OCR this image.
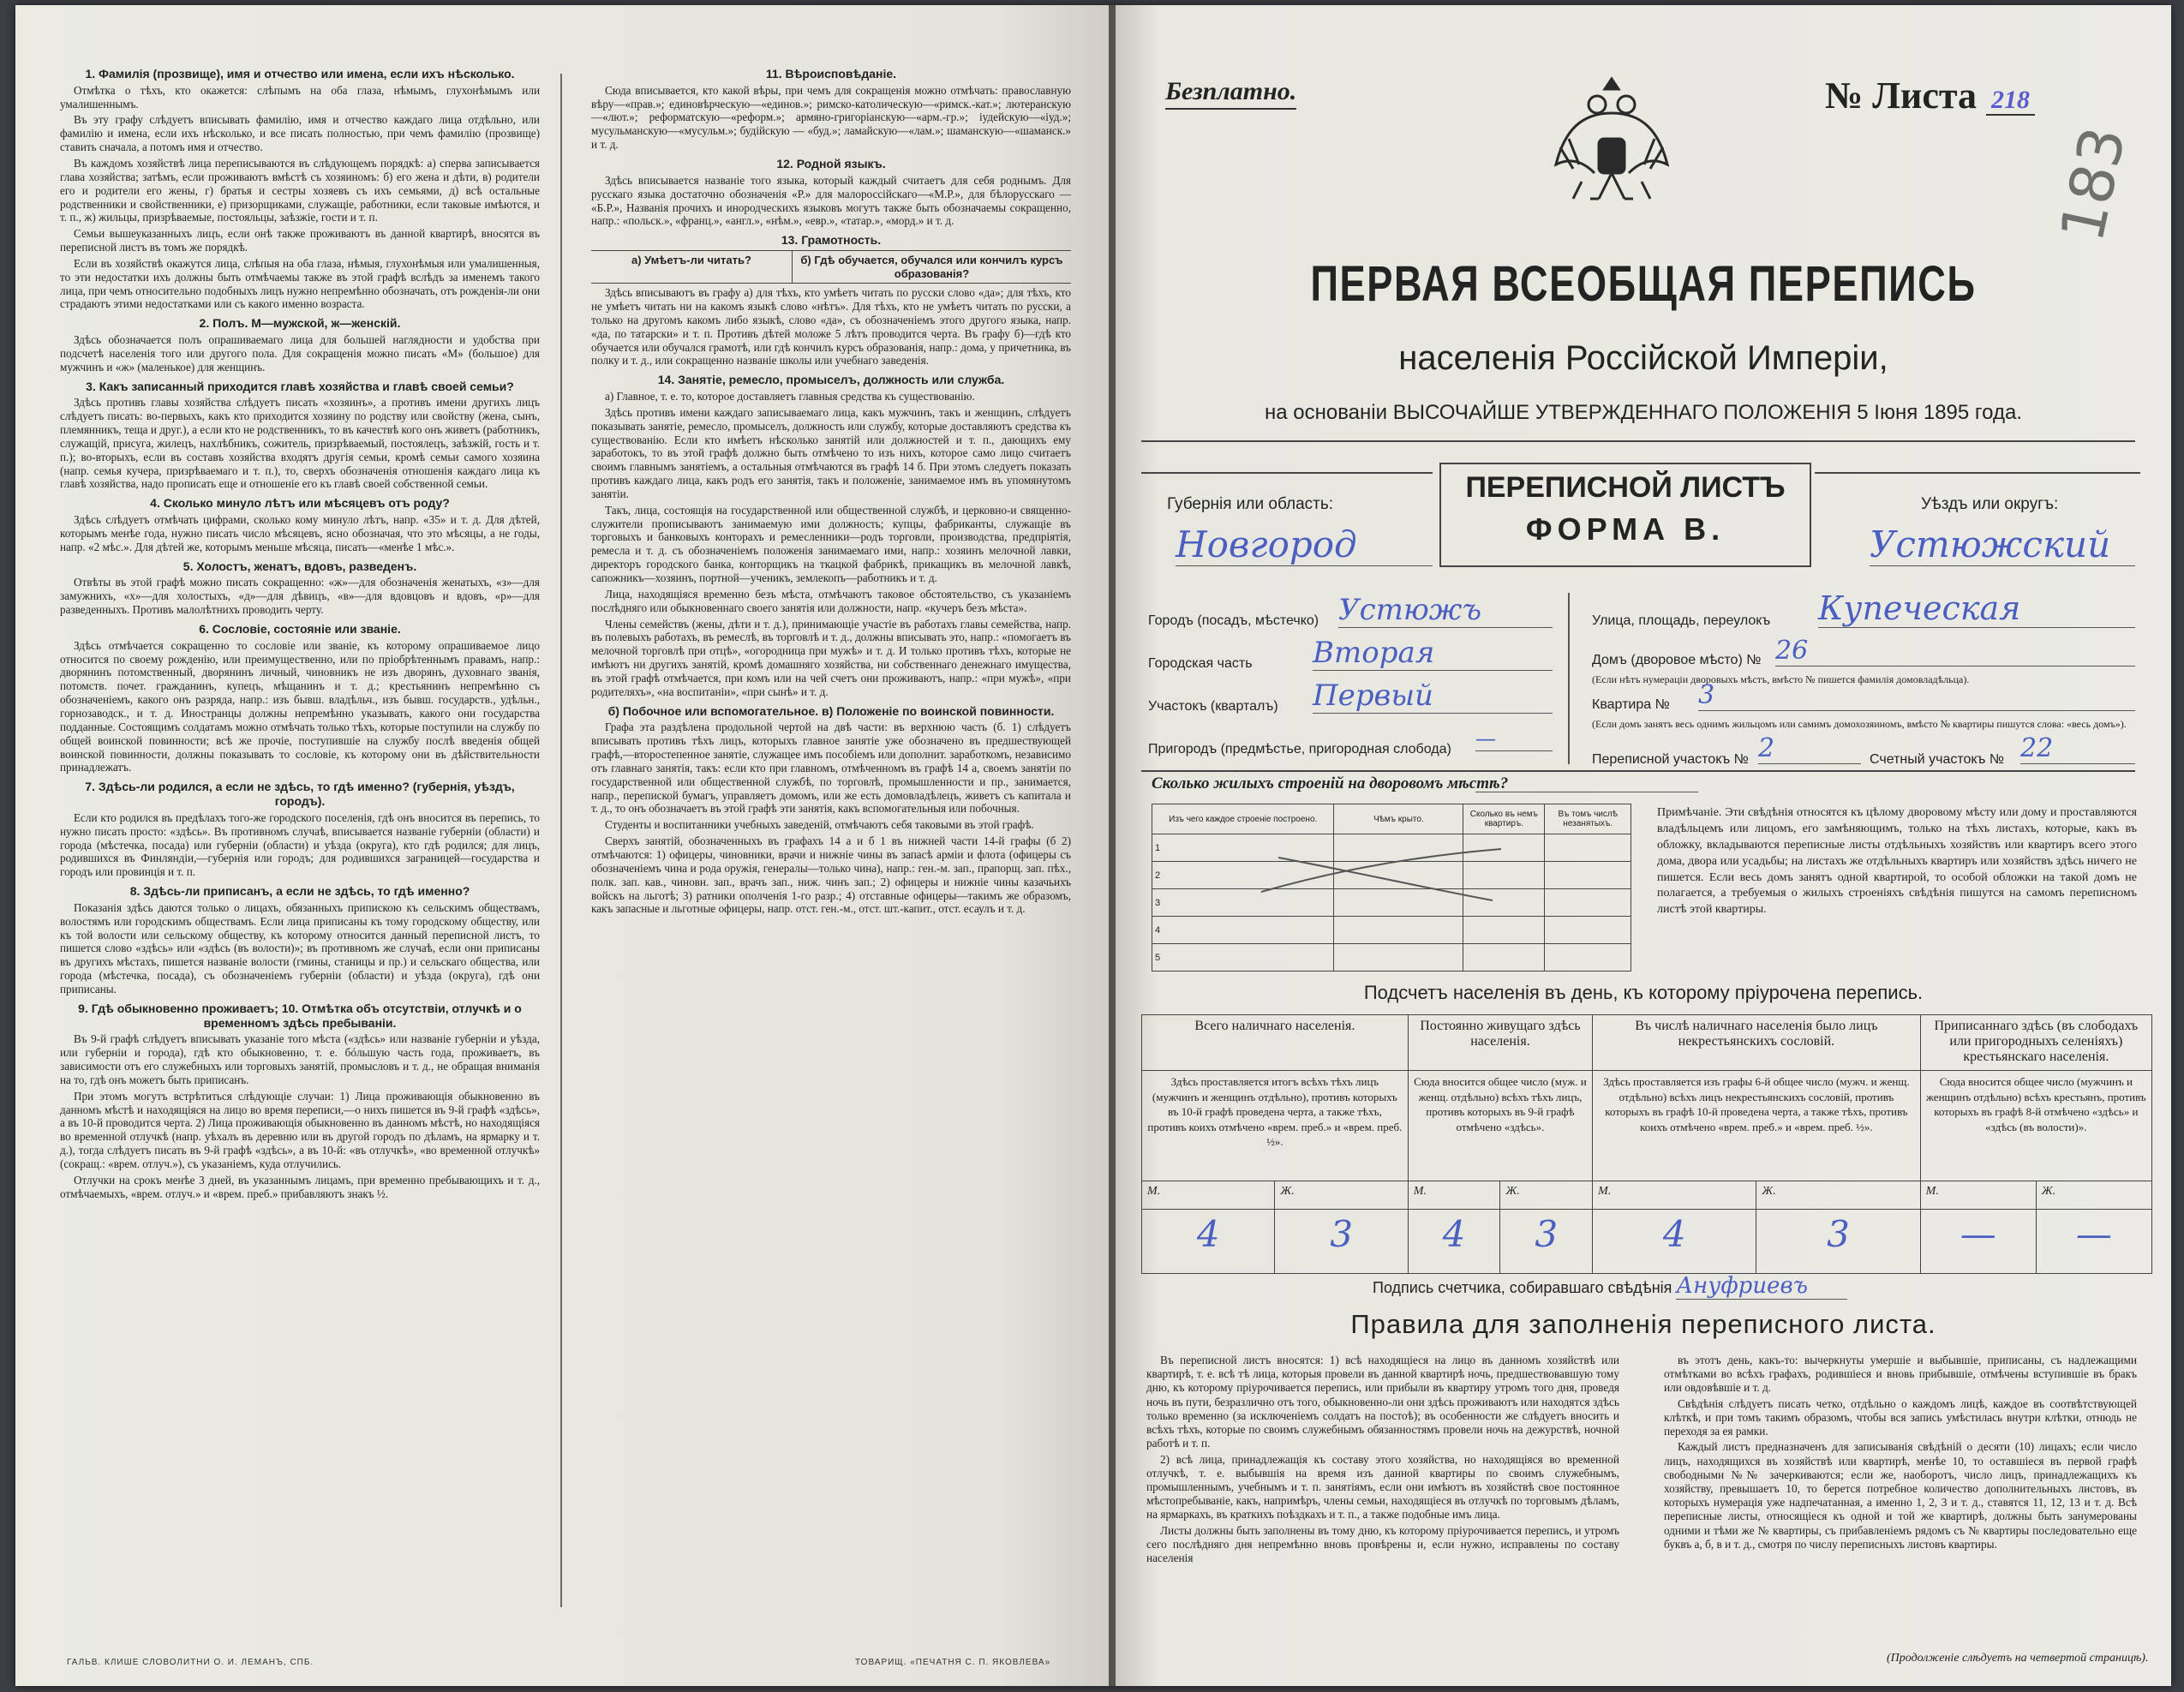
1. Фамилія (прозвище), имя и отчество или имена, если ихъ нѣсколько.

Отмѣтка о тѣхъ, кто окажется: слѣпымъ на оба глаза, нѣмымъ, глухонѣмымъ или умалишеннымъ.

Въ эту графу слѣдуетъ вписывать фамилію, имя и отчество каждаго лица отдѣльно, или фамилію и имена, если ихъ нѣсколько, и все писать полностью, при чемъ фамилію (прозвище) ставить сначала, а потомъ имя и отчество.

Въ каждомъ хозяйствѣ лица переписываются въ слѣдующемъ порядкѣ: а) сперва записывается глава хозяйства; затѣмъ, если проживаютъ вмѣстѣ съ хозяиномъ: б) его жена и дѣти, в) родители его и родители его жены, г) братья и сестры хозяевъ съ ихъ семьями, д) всѣ остальные родственники и свойственники, е) призорщиками, служащіе, работники, если таковые имѣются, и т. п., ж) жильцы, призрѣваемые, постояльцы, заѣзжіе, гости и т. п.

Семьи вышеуказанныхъ лицъ, если онѣ также проживаютъ въ данной квартирѣ, вносятся въ переписной листъ въ томъ же порядкѣ.

Если въ хозяйствѣ окажутся лица, слѣпыя на оба глаза, нѣмыя, глухонѣмыя или умалишенныя, то эти недостатки ихъ должны быть отмѣчаемы также въ этой графѣ вслѣдъ за именемъ такого лица, при чемъ относительно подобныхъ лицъ нужно непремѣнно обозначать, отъ рожденія-ли они страдаютъ этими недостатками или съ какого именно возраста.

2. Полъ. М—мужской, ж—женскій.

Здѣсь обозначается полъ опрашиваемаго лица для большей наглядности и удобства при подсчетѣ населенія того или другого пола. Для сокращенія можно писать «М» (большое) для мужчинъ и «ж» (маленькое) для женщинъ.

3. Какъ записанный приходится главѣ хозяйства и главѣ своей семьи?

Здѣсь противъ главы хозяйства слѣдуетъ писать «хозяинъ», а противъ имени другихъ лицъ слѣдуетъ писать: во-первыхъ, какъ кто приходится хозяину по родству или свойству (жена, сынъ, племянникъ, теща и друг.), а если кто не родственникъ, то въ качествѣ кого онъ живетъ (работникъ, служащій, присуга, жилецъ, нахлѣбникъ, сожитель, призрѣваемый, постоялецъ, заѣзжій, гость и т. п.); во-вторыхъ, если въ составъ хозяйства входятъ другія семьи, кромѣ семьи самого хозяина (напр. семья кучера, призрѣваемаго и т. п.), то, сверхъ обозначенія отношенія каждаго лица къ главѣ хозяйства, надо прописать еще и отношеніе его къ главѣ своей собственной семьи.

4. Сколько минуло лѣтъ или мѣсяцевъ отъ роду?

Здѣсь слѣдуетъ отмѣчать цифрами, сколько кому минуло лѣтъ, напр. «35» и т. д. Для дѣтей, которымъ менѣе года, нужно писать число мѣсяцевъ, ясно обозначая, что это мѣсяцы, а не годы, напр. «2 мѣс.». Для дѣтей же, которымъ меньше мѣсяца, писать—«менѣе 1 мѣс.».

5. Холостъ, женатъ, вдовъ, разведенъ.

Отвѣты въ этой графѣ можно писать сокращенно: «ж»—для обозначенія женатыхъ, «з»—для замужнихъ, «х»—для холостыхъ, «д»—для дѣвицъ, «в»—для вдовцовъ и вдовъ, «р»—для разведенныхъ. Противъ малолѣтнихъ проводить черту.

6. Сословіе, состояніе или званіе.

Здѣсь отмѣчается сокращенно то сословіе или званіе, къ которому опрашиваемое лицо относится по своему рожденію, или преимущественно, или по пріобрѣтеннымъ правамъ, напр.: дворянинъ потомственный, дворянинъ личный, чиновникъ не изъ дворянъ, духовнаго званія, потомств. почет. гражданинъ, купецъ, мѣщанинъ и т. д.; крестьянинъ непремѣнно съ обозначеніемъ, какого онъ разряда, напр.: изъ бывш. владѣльч., изъ бывш. государств., удѣльн., горнозаводск., и т. д. Иностранцы должны непремѣнно указывать, какого они государства подданные. Состоящимъ солдатамъ можно отмѣчать только тѣхъ, которые поступили на службу по общей воинской повинности; всѣ же прочіе, поступившіе на службу послѣ введенія общей воинской повинности, должны показывать то сословіе, къ которому они въ дѣйствительности принадлежатъ.

7. Здѣсь-ли родился, а если не здѣсь, то гдѣ именно? (губернія, уѣздъ, городъ).

Если кто родился въ предѣлахъ того-же городского поселенія, гдѣ онъ вносится въ перепись, то нужно писать просто: «здѣсь». Въ противномъ случаѣ, вписывается названіе губерніи (области) и города (мѣстечка, посада) или губерніи (области) и уѣзда (округа), кто гдѣ родился; для лицъ, родившихся въ Финляндіи,—губернія или городъ; для родившихся заграницей—государства и городъ или провинція и т. п.

8. Здѣсь-ли приписанъ, а если не здѣсь, то гдѣ именно?

Показанія здѣсь даются только о лицахъ, обязанныхъ припискою къ сельскимъ обществамъ, волостямъ или городскимъ обществамъ. Если лица приписаны къ тому городскому обществу, или къ той волости или сельскому обществу, къ которому относится данный переписной листъ, то пишется слово «здѣсь» или «здѣсь (въ волости)»; въ противномъ же случаѣ, если они приписаны въ другихъ мѣстахъ, пишется названіе волости (гмины, станицы и пр.) и сельскаго общества, или города (мѣстечка, посада), съ обозначеніемъ губерніи (области) и уѣзда (округа), гдѣ они приписаны.

9. Гдѣ обыкновенно проживаетъ; 10. Отмѣтка объ отсутствіи, отлучкѣ и о временномъ здѣсь пребываніи.

Въ 9-й графѣ слѣдуетъ вписывать указаніе того мѣста («здѣсь» или названіе губерніи и уѣзда, или губерніи и города), гдѣ кто обыкновенно, т. е. бóльшую часть года, проживаетъ, въ зависимости отъ его служебныхъ или торговыхъ занятій, промысловъ и т. д., не обращая вниманія на то, гдѣ онъ можетъ быть приписанъ.

При этомъ могутъ встрѣтиться слѣдующіе случаи: 1) Лица проживающія обыкновенно въ данномъ мѣстѣ и находящіяся на лицо во время переписи,—о нихъ пишется въ 9-й графѣ «здѣсь», а въ 10-й проводится черта. 2) Лица проживающія обыкновенно въ данномъ мѣстѣ, но находящіяся во временной отлучкѣ (напр. уѣхалъ въ деревню или въ другой городъ по дѣламъ, на ярмарку и т. д.), тогда слѣдуетъ писать въ 9-й графѣ «здѣсь», а въ 10-й: «въ отлучкѣ», «во временной отлучкѣ» (сокращ.: «врем. отлуч.»), съ указаніемъ, куда отлучились.

Отлучки на срокъ менѣе 3 дней, въ указаннымъ лицамъ, при временно пребывающихъ и т. д., отмѣчаемыхъ, «врем. отлуч.» и «врем. преб.» прибавляютъ знакъ ½.

11. Вѣроисповѣданіе.

Сюда вписывается, кто какой вѣры, при чемъ для сокращенія можно отмѣчать: православную вѣру—«прав.»; единовѣрческую—«единов.»; римско-католическую—«римск.-кат.»; лютеранскую—«лют.»; реформатскую—«реформ.»; армяно-григоріанскую—«арм.-гр.»; іудейскую—«іуд.»; мусульманскую—«мусульм.»; будійскую — «буд.»; ламайскую—«лам.»; шаманскую—«шаманск.» и т. д.

12. Родной языкъ.

Здѣсь вписывается названіе того языка, который каждый считаетъ для себя роднымъ. Для русскаго языка достаточно обозначенія «Р.» для малороссійскаго—«М.Р.», для бѣлорусскаго — «Б.Р.», Названія прочихъ и инородческихъ языковъ могутъ также быть обозначаемы сокращенно, напр.: «польск.», «франц.», «англ.», «нѣм.», «евр.», «татар.», «морд.» и т. д.

13. Грамотность.
а) Умѣетъ-ли читать?	б) Гдѣ обучается, обучался или кончилъ курсъ образованія?

Здѣсь вписываютъ въ графу а) для тѣхъ, кто умѣетъ читать по русски слово «да»; для тѣхъ, кто не умѣетъ читать ни на какомъ языкѣ слово «нѣтъ». Для тѣхъ, кто не умѣетъ читать по русски, а только на другомъ какомъ либо языкѣ, слово «да», съ обозначеніемъ этого другого языка, напр. «да, по татарски» и т. п. Противъ дѣтей моложе 5 лѣтъ проводится черта. Въ графу б)—гдѣ кто обучается или обучался грамотѣ, или гдѣ кончилъ курсъ образованія, напр.: дома, у причетника, въ полку и т. д., или сокращенно названіе школы или учебнаго заведенія.

14. Занятіе, ремесло, промыселъ, должность или служба.

а) Главное, т. е. то, которое доставляетъ главныя средства къ существованію.

Здѣсь противъ имени каждаго записываемаго лица, какъ мужчинъ, такъ и женщинъ, слѣдуетъ показывать занятіе, ремесло, промыселъ, должность или службу, которые доставляютъ средства къ существованію. Если кто имѣетъ нѣсколько занятій или должностей и т. п., дающихъ ему заработокъ, то въ этой графѣ должно быть отмѣчено то изъ нихъ, которое само лицо считаетъ своимъ главнымъ занятіемъ, а остальныя отмѣчаются въ графѣ 14 б. При этомъ следуетъ показать противъ каждаго лица, какъ родъ его занятія, такъ и положеніе, занимаемое имъ въ упомянутомъ занятіи.

Такъ, лица, состоящія на государственной или общественной службѣ, и церковно-и священно-служители прописываютъ занимаемую ими должность; купцы, фабриканты, служащіе въ торговыхъ и банковыхъ конторахъ и ремесленники—родъ торговли, производства, предпріятія, ремесла и т. д. съ обозначеніемъ положенія занимаемаго ими, напр.: хозяинъ мелочной лавки, директоръ городского банка, конторщикъ на ткацкой фабрикѣ, прикащикъ въ мелочной лавкѣ, сапожникъ—хозяинъ, портной—ученикъ, землекопъ—работникъ и т. д.

Лица, находящіяся временно безъ мѣста, отмѣчаютъ таковое обстоятельство, съ указаніемъ послѣдняго или обыкновеннаго своего занятія или должности, напр. «кучеръ безъ мѣста».

Члены семействъ (жены, дѣти и т. д.), принимающіе участіе въ работахъ главы семейства, напр. въ полевыхъ работахъ, въ ремеслѣ, въ торговлѣ и т. д., должны вписывать это, напр.: «помогаетъ въ мелочной торговлѣ при отцѣ», «огородница при мужѣ» и т. д. И только противъ тѣхъ, которые не имѣютъ ни другихъ занятій, кромѣ домашняго хозяйства, ни собственнаго денежнаго имущества, въ этой графѣ отмѣчается, при комъ или на чей счетъ они проживаютъ, напр.: «при мужѣ», «при родителяхъ», «на воспитаніи», «при сынѣ» и т. д.

б) Побочное или вспомогательное. в) Положеніе по воинской повинности.

Графа эта раздѣлена продольной чертой на двѣ части: въ верхнюю часть (б. 1) слѣдуетъ вписывать противъ тѣхъ лицъ, которыхъ главное занятіе уже обозначено въ предшествующей графѣ,—второстепенное занятіе, служащее имъ пособіемъ или дополнит. заработкомъ, независимо отъ главнаго занятія, такъ: если кто при главномъ, отмѣченномъ въ графѣ 14 а, своемъ занятіи по государственной или общественной службѣ, по торговлѣ, промышленности и пр., занимается, напр., перепиской бумагъ, управляетъ домомъ, или же есть домовладѣлецъ, живетъ съ капитала и т. д., то онъ обозначаетъ въ этой графѣ эти занятія, какъ вспомогательныя или побочныя.

Студенты и воспитанники учебныхъ заведеній, отмѣчаютъ себя таковыми въ этой графѣ.

Сверхъ занятій, обозначенныхъ въ графахъ 14 а и б 1 въ нижней части 14-й графы (б 2) отмѣчаются: 1) офицеры, чиновники, врачи и нижніе чины въ запасѣ арміи и флота (офицеры съ обозначеніемъ чина и рода оружія, генералы—только чина), напр.: ген.-м. зап., прапорщ. зап. пѣх., полк. зап. кав., чиновн. зап., врачъ зап., ниж. чинъ зап.; 2) офицеры и нижніе чины казачьихъ войскъ на льготѣ; 3) ратники ополченія 1-го разр.; 4) отставные офицеры—такимъ же образомъ, какъ запасные и льготные офицеры, напр. отст. ген.-м., отст. шт.-капит., отст. есаулъ и т. д.

ГАЛЬВ. КЛИШЕ СЛОВОЛИТНИ О. И. ЛЕМАНЪ, СПБ.	ТОВАРИЩ. «ПЕЧАТНЯ С. П. ЯКОВЛЕВА»
Безплатно.	№ Листа 218
183
ПЕРВАЯ ВСЕОБЩАЯ ПЕРЕПИСЬ
населенія Россійской Имперіи,
на основаніи ВЫСОЧАЙШЕ УТВЕРЖДЕННАГО ПОЛОЖЕНІЯ 5 Іюня 1895 года.
Губернія или область:
Новгород
ПЕРЕПИСНОЙ ЛИСТЪ
ФОРМА В.
Уѣздъ или округъ:
Устюжский
Городъ (посадъ, мѣстечко) Устюжъ
Городская часть Вторая
Участокъ (кварталъ) Первый
Пригородъ (предмѣстье, пригородная слобода) —
Улица, площадь, переулокъ Купеческая
Домъ (дворовое мѣсто) № 26
(Если нѣтъ нумераціи дворовыхъ мѣстъ, вмѣсто № пишется фамилія домовладѣльца).
Квартира № 3
(Если домъ занятъ весь однимъ жильцомъ или самимъ домохозяиномъ, вмѣсто № квартиры пишутся слова: «весь домъ»).
Переписной участокъ № 2	Счетный участокъ № 22
Сколько жилыхъ строеній на дворовомъ мѣстѣ?
Изъ чего каждое строеніе построено.	Чѣмъ крыто.	Сколько въ немъ квартиръ.	Въ томъ числѣ незанятыхъ.
1			
2			
3			
4			
5			
Примѣчаніе. Эти свѣдѣнія относятся къ цѣлому дворовому мѣсту или дому и проставляются владѣльцемъ или лицомъ, его замѣняющимъ, только на тѣхъ листахъ, которые, какъ въ обложку, вкладываются переписные листы отдѣльныхъ хозяйствъ или квартиръ всего этого дома, двора или усадьбы; на листахъ же отдѣльныхъ квартиръ или хозяйствъ здѣсь ничего не пишется. Если весь домъ занятъ одной квартирой, то особой обложки на такой домъ не полагается, а требуемыя о жилыхъ строеніяхъ свѣдѣнія пишутся на самомъ переписномъ листѣ этой квартиры.
Подсчетъ населенія въ день, къ которому пріурочена перепись.
Всего наличнаго населенія.		Постоянно живущаго здѣсь населенія.		Въ числѣ наличнаго населенія было лицъ некрестьянскихъ сословій.		Приписаннаго здѣсь (въ слободахъ или пригородныхъ селеніяхъ) крестьянскаго населенія.	
Здѣсь проставляется итогъ всѣхъ тѣхъ лицъ (мужчинъ и женщинъ отдѣльно), противъ которыхъ въ 10-й графѣ проведена черта, а также тѣхъ, противъ коихъ отмѣчено «врем. преб.» и «врем. преб. ½».		Сюда вносится общее число (муж. и женщ. отдѣльно) всѣхъ тѣхъ лицъ, противъ которыхъ въ 9-й графѣ отмѣчено «здѣсь».		Здѣсь проставляется изъ графы 6-й общее число (мужч. и женщ. отдѣльно) всѣхъ лицъ некрестьянскихъ сословій, противъ которыхъ въ графѣ 10-й проведена черта, а также тѣхъ, противъ коихъ отмѣчено «врем. преб.» и «врем. преб. ½».		Сюда вносится общее число (мужчинъ и женщинъ отдѣльно) всѣхъ крестьянъ, противъ которыхъ въ графѣ 8-й отмѣчено «здѣсь» и «здѣсь (въ волости)».	
М.	Ж.	М.	Ж.	М.	Ж.	М.	Ж.
4	3	4	3	4	3	—	—
Подпись счетчика, собиравшаго свѣдѣнія Ануфриевъ
Правила для заполненія переписного листа.

Въ переписной листъ вносятся: 1) всѣ находящіеся на лицо въ данномъ хозяйствѣ или квартирѣ, т. е. всѣ тѣ лица, которыя провели въ данной квартирѣ ночь, предшествовавшую тому дню, къ которому пріурочивается перепись, или прибыли въ квартиру утромъ того дня, проведя ночь въ пути, безразлично отъ того, обыкновенно-ли они здѣсь проживаютъ или находятся здѣсь только временно (за исключеніемъ солдатъ на постоѣ); въ особенности же слѣдуетъ вносить и всѣхъ тѣхъ, которые по своимъ служебнымъ обязанностямъ провели ночь на дежурствѣ, ночной работѣ и т. п.

2) всѣ лица, принадлежащія къ составу этого хозяйства, но находящіяся во временной отлучкѣ, т. е. выбывшія на время изъ данной квартиры по своимъ служебнымъ, промышленнымъ, учебнымъ и т. п. занятіямъ, если они имѣютъ въ хозяйствѣ свое постоянное мѣстопребываніе, какъ, напримѣръ, члены семьи, находящіеся въ отлучкѣ по торговымъ дѣламъ, на ярмаркахъ, въ краткихъ поѣздкахъ и т. п., а также подобные имъ лица.

Листы должны быть заполнены въ тому дню, къ которому пріурочивается перепись, и утромъ сего послѣдняго дня непремѣнно вновь провѣрены и, если нужно, исправлены по составу населенія

въ этотъ день, какъ-то: вычеркнуты умершіе и выбывшіе, приписаны, съ надлежащими отмѣтками во всѣхъ графахъ, родившіеся и вновь прибывшіе, отмѣчены вступившіе въ бракъ или овдовѣвшіе и т. д.

Свѣдѣнія слѣдуетъ писать четко, отдѣльно о каждомъ лицѣ, каждое въ соотвѣтствующей клѣткѣ, и при томъ такимъ образомъ, чтобы вся запись умѣстилась внутри клѣтки, отнюдь не переходя за ея рамки.

Каждый листъ предназначенъ для записыванія свѣдѣній о десяти (10) лицахъ; если число лицъ, находящихся въ хозяйствѣ или квартирѣ, менѣе 10, то оставшіеся въ первой графѣ свободными №№ зачеркиваются; если же, наоборотъ, число лицъ, принадлежащихъ къ хозяйству, превышаетъ 10, то берется потребное количество дополнительныхъ листовъ, въ которыхъ нумерація уже надпечатанная, а именно 1, 2, 3 и т. д., ставятся 11, 12, 13 и т. д. Всѣ переписные листы, относящіеся къ одной и той же квартирѣ, должны быть занумерованы одними и тѣми же № квартиры, съ прибавленіемъ рядомъ съ № квартиры последовательно еще буквъ а, б, в и т. д., смотря по числу переписныхъ листовъ квартиры.

(Продолженіе слѣдуетъ на четвертой страницѣ).
